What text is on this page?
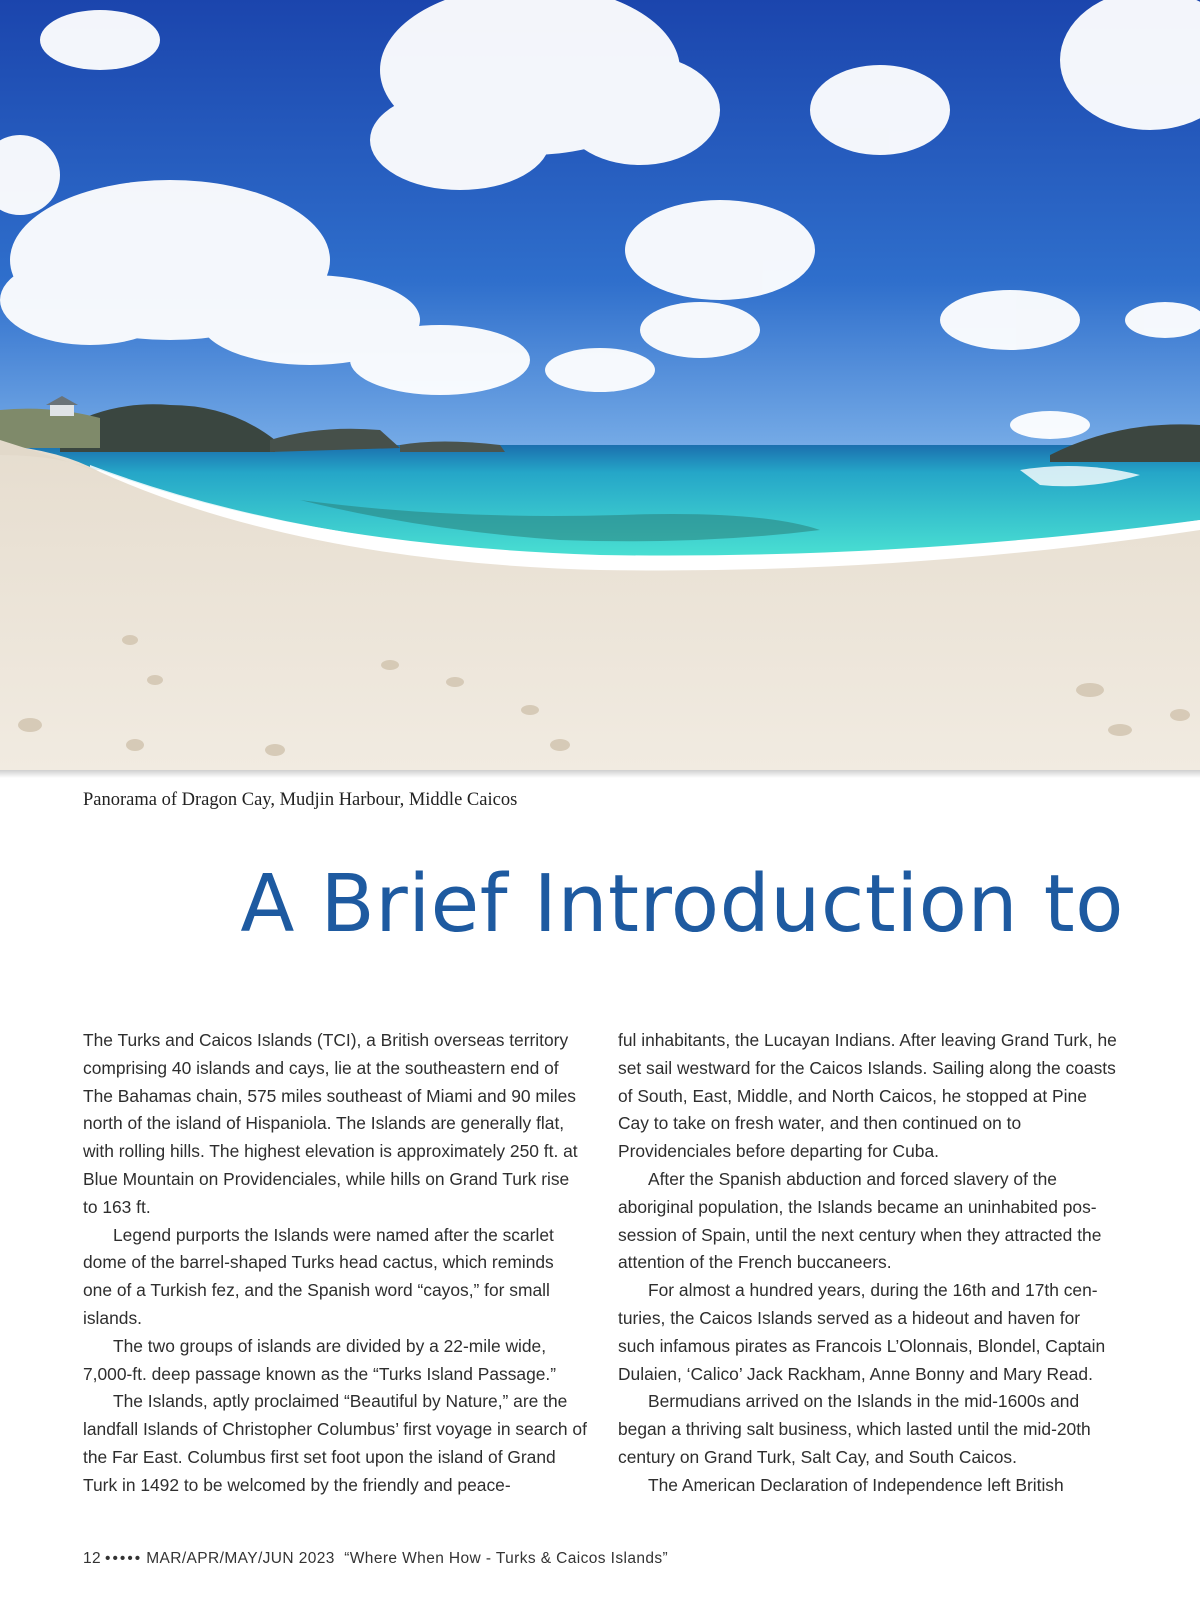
Panorama of Dragon Cay, Mudjin Harbour, Middle Caicos
A Brief Introduction to

The Turks and Caicos Islands (TCI), a British overseas territory comprising 40 islands and cays, lie at the southeastern end of The Bahamas chain, 575 miles southeast of Miami and 90 miles north of the island of Hispaniola. The Islands are generally flat, with rolling hills. The highest elevation is approximately 250 ft. at Blue Mountain on Providenciales, while hills on Grand Turk rise to 163 ft.

Legend purports the Islands were named after the scarlet dome of the barrel-shaped Turks head cactus, which reminds one of a Turkish fez, and the Spanish word “cayos,” for small islands.

The two groups of islands are divided by a 22-mile wide, 7,000-ft. deep passage known as the “Turks Island Passage.”

The Islands, aptly proclaimed “Beautiful by Nature,” are the landfall Islands of Christopher Columbus’ first voyage in search of the Far East. Columbus first set foot upon the island of Grand Turk in 1492 to be welcomed by the friendly and peace-

ful inhabitants, the Lucayan Indians. After leaving Grand Turk, he set sail westward for the Caicos Islands. Sailing along the coasts of South, East, Middle, and North Caicos, he stopped at Pine Cay to take on fresh water, and then continued on to Providenciales before departing for Cuba.

After the Spanish abduction and forced slavery of the aboriginal population, the Islands became an uninhabited possession of Spain, until the next century when they attracted the attention of the French buccaneers.

For almost a hundred years, during the 16th and 17th centuries, the Caicos Islands served as a hideout and haven for such infamous pirates as Francois L’Olonnais, Blondel, Captain Dulaien, ‘Calico’ Jack Rackham, Anne Bonny and Mary Read.

Bermudians arrived on the Islands in the mid-1600s and began a thriving salt business, which lasted until the mid-20th century on Grand Turk, Salt Cay, and South Caicos.

The American Declaration of Independence left British

12 ••••• MAR/APR/MAY/JUN 2023 “Where When How - Turks & Caicos Islands”
